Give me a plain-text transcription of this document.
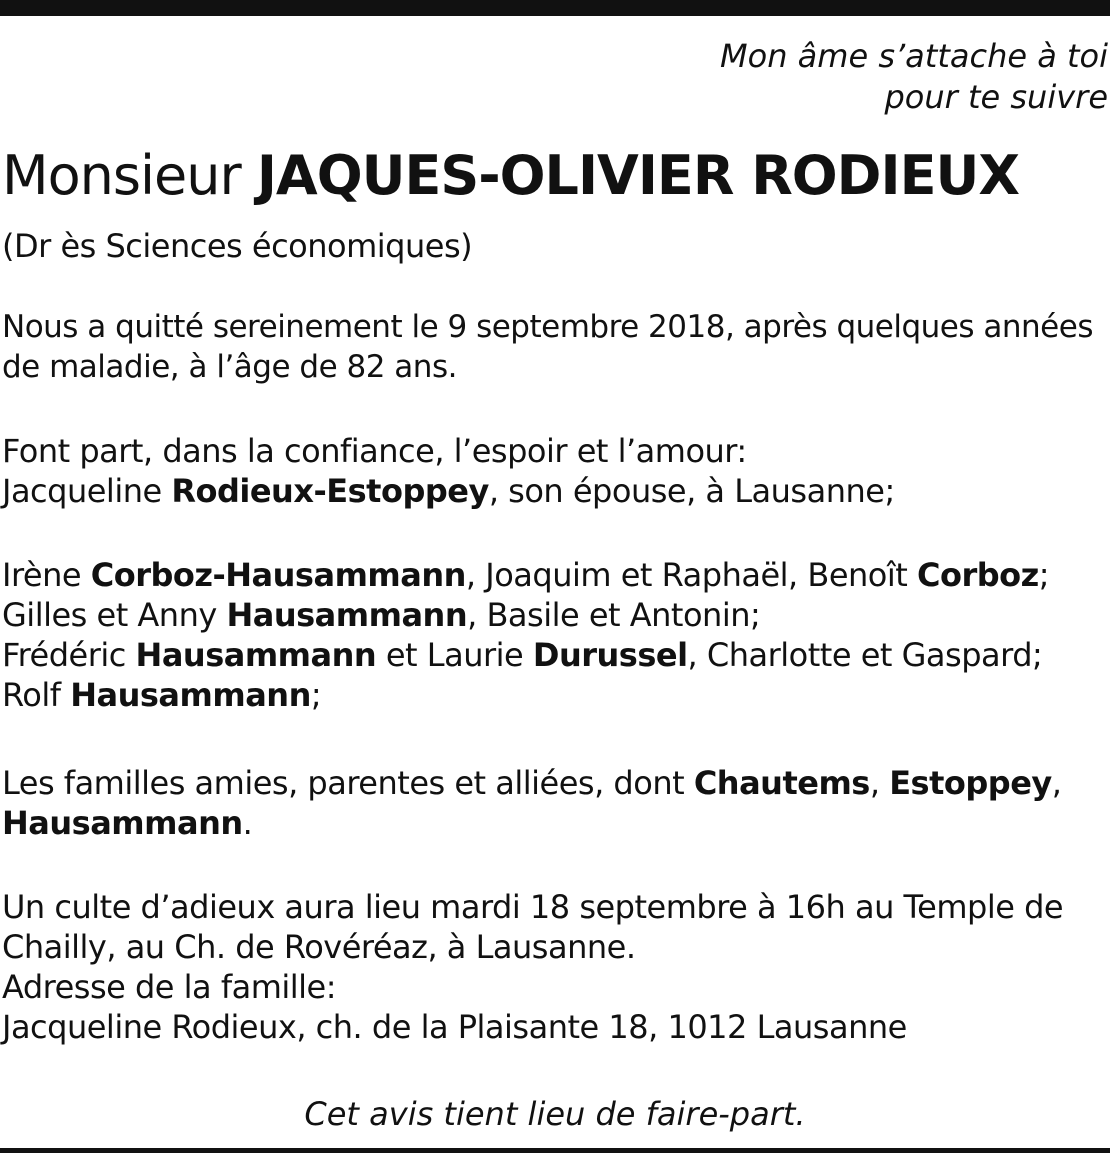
Mon âme s’attache à toi
pour te suivre
Monsieur JAQUES-OLIVIER RODIEUX
(Dr ès Sciences économiques)
Nous a quitté sereinement le 9 septembre 2018, après quelques années
de maladie, à l’âge de 82 ans.
Font part, dans la confiance, l’espoir et l’amour:
Jacqueline Rodieux-Estoppey, son épouse, à Lausanne;
Irène Corboz-Hausammann, Joaquim et Raphaël, Benoît Corboz;
Gilles et Anny Hausammann, Basile et Antonin;
Frédéric Hausammann et Laurie Durussel, Charlotte et Gaspard;
Rolf Hausammann;
Les familles amies, parentes et alliées, dont Chautems, Estoppey,
Hausammann.
Un culte d’adieux aura lieu mardi 18 septembre à 16h au Temple de
Chailly, au Ch. de Rovéréaz, à Lausanne.
Adresse de la famille:
Jacqueline Rodieux, ch. de la Plaisante 18, 1012 Lausanne
Cet avis tient lieu de faire-part.
